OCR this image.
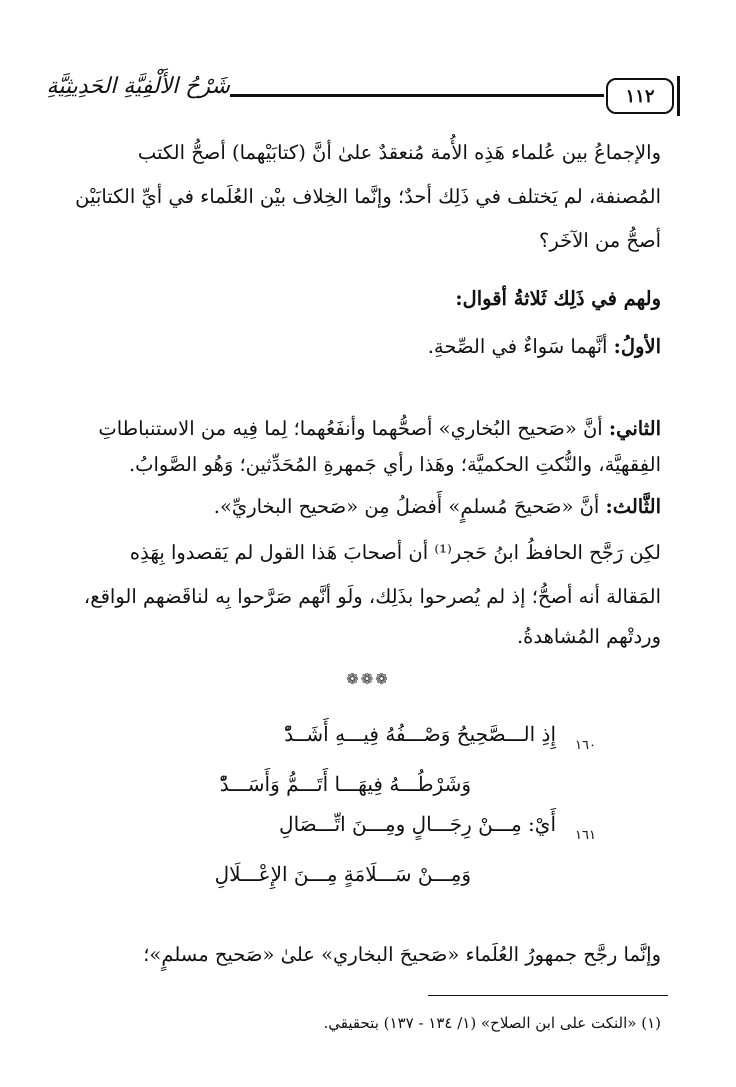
١١٢
شَرْحُ الأَلْفِيَّةِ الحَدِيثِيَّةِ
والإجماعُ بين عُلماء هَذِه الأُمة مُنعقدٌ علىٰ أنَّ (كتابَيْهما) أصحُّ الكتب
المُصنفة، لم يَختلف في ذَلِك أحدٌ؛ وإنَّما الخِلاف بيْن العُلَماء في أيِّ الكتابَيْن
أصحُّ من الآخَر؟
ولهم في ذَلِك ثَلاثةُ أقوال:
الأولُ: أنَّهما سَواءٌ في الصِّحةِ.
الثاني: أنَّ «صَحيح البُخاري» أصحُّهما وأنفَعُهما؛ لِما فِيه من الاستنباطاتِ
الفِقهيَّة، والنُّكتِ الحكميَّة؛ وهَذا رأي جَمهرةِ المُحَدِّثين؛ وَهُو الصَّوابُ.
الثَّالث: أنَّ «صَحيحَ مُسلمٍ» أَفضلُ مِن «صَحيح البخاريِّ».
لكِن رَجَّح الحافظُ ابنُ حَجر⁽¹⁾ أن أصحابَ هَذا القول لم يَقصدوا بِهَذِه
المَقالة أنه أصحُّ؛ إذ لم يُصرحوا بذَلِك، ولَو أنَّهم صَرَّحوا بِه لناقَضهم الواقع،
وردتْهم المُشاهدةُ.
❁❁❁
١٦٠
إِذِ الـــصَّحِيحُ وَصْـــفُهُ فِيـــهِ أَشَــدّْ
وَشَرْطُـــهُ فِيهَـــا أَتَـــمُّ وَأَسَـــدّْ
١٦١
أَيْ: مِـــنْ رِجَـــالٍ ومِـــنَ اتِّـــصَالِ
وَمِـــنْ سَـــلَامَةٍ مِـــنَ الإِعْـــلَالِ
وإنَّما رجَّح جمهورُ العُلَماء «صَحيحَ البخاري» علىٰ «صَحيح مسلمٍ»؛
(١) «النكت على ابن الصلاح» (١/ ١٣٤ - ١٣٧) بتحقيقي.
